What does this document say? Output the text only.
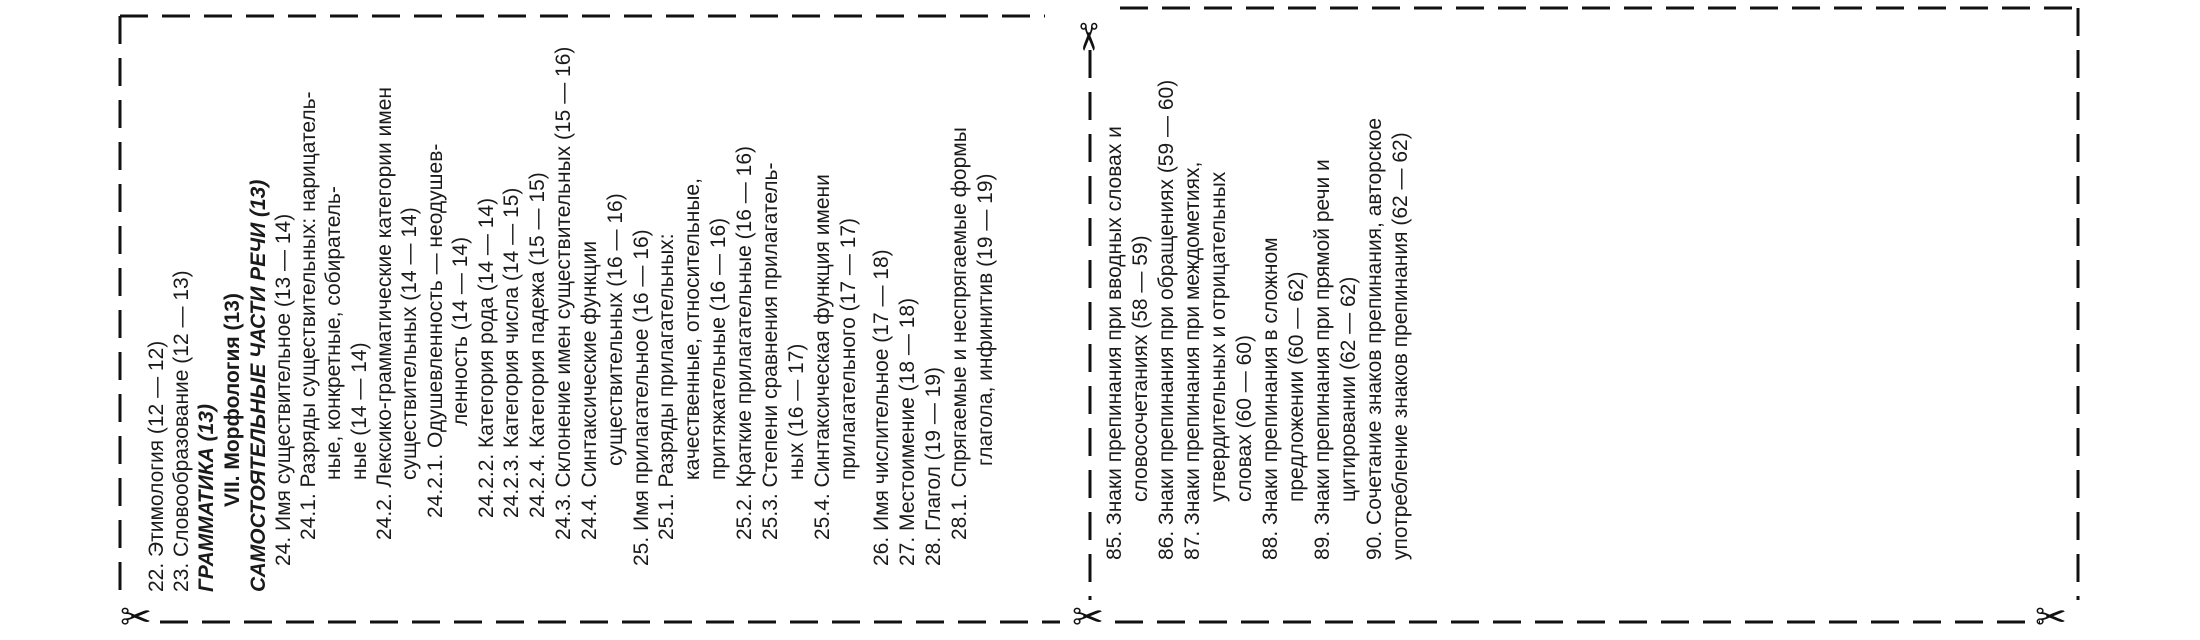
✂	✂
✂
✂
22. Этимология (12 — 12) 23. Словообразование (12 — 13) ГРАММАТИКА (13) VII. Морфология (13) САМОСТОЯТЕЛЬНЫЕ ЧАСТИ РЕЧИ (13) 24. Имя существительное (13 — 14) 24.1. Разряды существительных: нарицатель- ные, конкретные, собиратель- ные (14 — 14) 24.2. Лексико-грамматические категории имен существительных (14 — 14) 24.2.1. Одушевленность — неодушев- ленность (14 — 14) 24.2.2. Категория рода (14 — 14) 24.2.3. Категория числа (14 — 15) 24.2.4. Категория падежа (15 — 15) 24.3. Склонение имен существительных (15 — 16) 24.4. Синтаксические функции существительных (16 — 16) 25. Имя прилагательное (16 — 16) 25.1. Разряды прилагательных: качественные, относительные, притяжательные (16 — 16) 25.2. Краткие прилагательные (16 — 16) 25.3. Степени сравнения прилагатель- ных (16 — 17) 25.4. Синтаксическая функция имени прилагательного (17 — 17) 26. Имя числительное (17 — 18) 27. Местоимение (18 — 18) 28. Глагол (19 — 19) 28.1. Спрягаемые и неспрягаемые формы глагола, инфинитив (19 — 19)	85. Знаки препинания при вводных словах и словосочетаниях (58 — 59) 86. Знаки препинания при обращениях (59 — 60) 87. Знаки препинания при междометиях, утвердительных и отрицательных словах (60 — 60) 88. Знаки препинания в сложном предложении (60 — 62) 89. Знаки препинания при прямой речи и цитировании (62 — 62) 90. Сочетание знаков препинания, авторское употребление знаков препинания (62 — 62)
